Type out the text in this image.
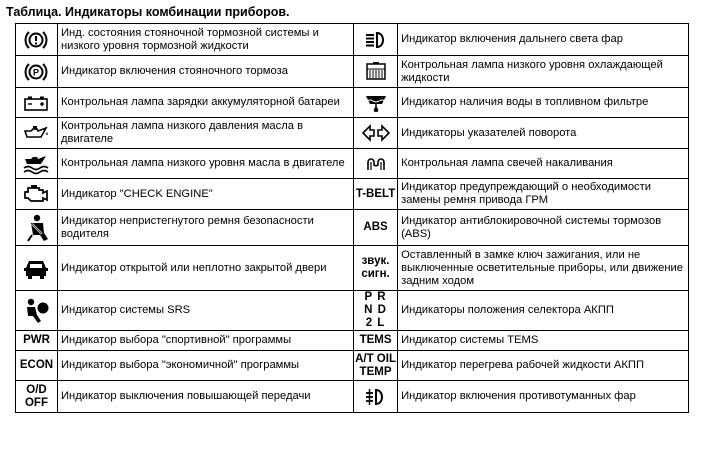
Таблица. Индикаторы комбинации приборов.
	Инд. состояния стояночной тормозной системы и низкого уровня тормозной жидкости		Индикатор включения дальнего света фар

P	Индикатор включения стояночного тормоза		Контрольная лампа низкого уровня охлаждающей жидкости

	Контрольная лампа зарядки аккумуляторной батареи		Индикатор наличия воды в топливном фильтре

	Контрольная лампа низкого давления масла в двигателе		Индикаторы указателей поворота

	Контрольная лампа низкого уровня масла в двигателе		Контрольная лампа свечей накаливания

	Индикатор "CHECK ENGINE"	T-BELT	Индикатор предупреждающий о необходимости замены ремня привода ГРМ

	Индикатор непристегнутого ремня безопасности водителя	ABS	Индикатор антиблокировочной системы тормозов (ABS)

	Индикатор открытой или неплотно закрытой двери	звук. сигн.	Оставленный в замке ключ зажигания, или не выключенные осветительные приборы, или движение задним ходом

	Индикатор системы SRS	P R N D 2 L	Индикаторы положения селектора АКПП
PWR	Индикатор выбора "спортивной" программы	TEMS	Индикатор системы TEMS
ECON	Индикатор выбора "экономичной" программы	A/T OIL TEMP	Индикатор перегрева рабочей жидкости АКПП
O/D OFF	Индикатор выключения повышающей передачи		Индикатор включения противотуманных фар
